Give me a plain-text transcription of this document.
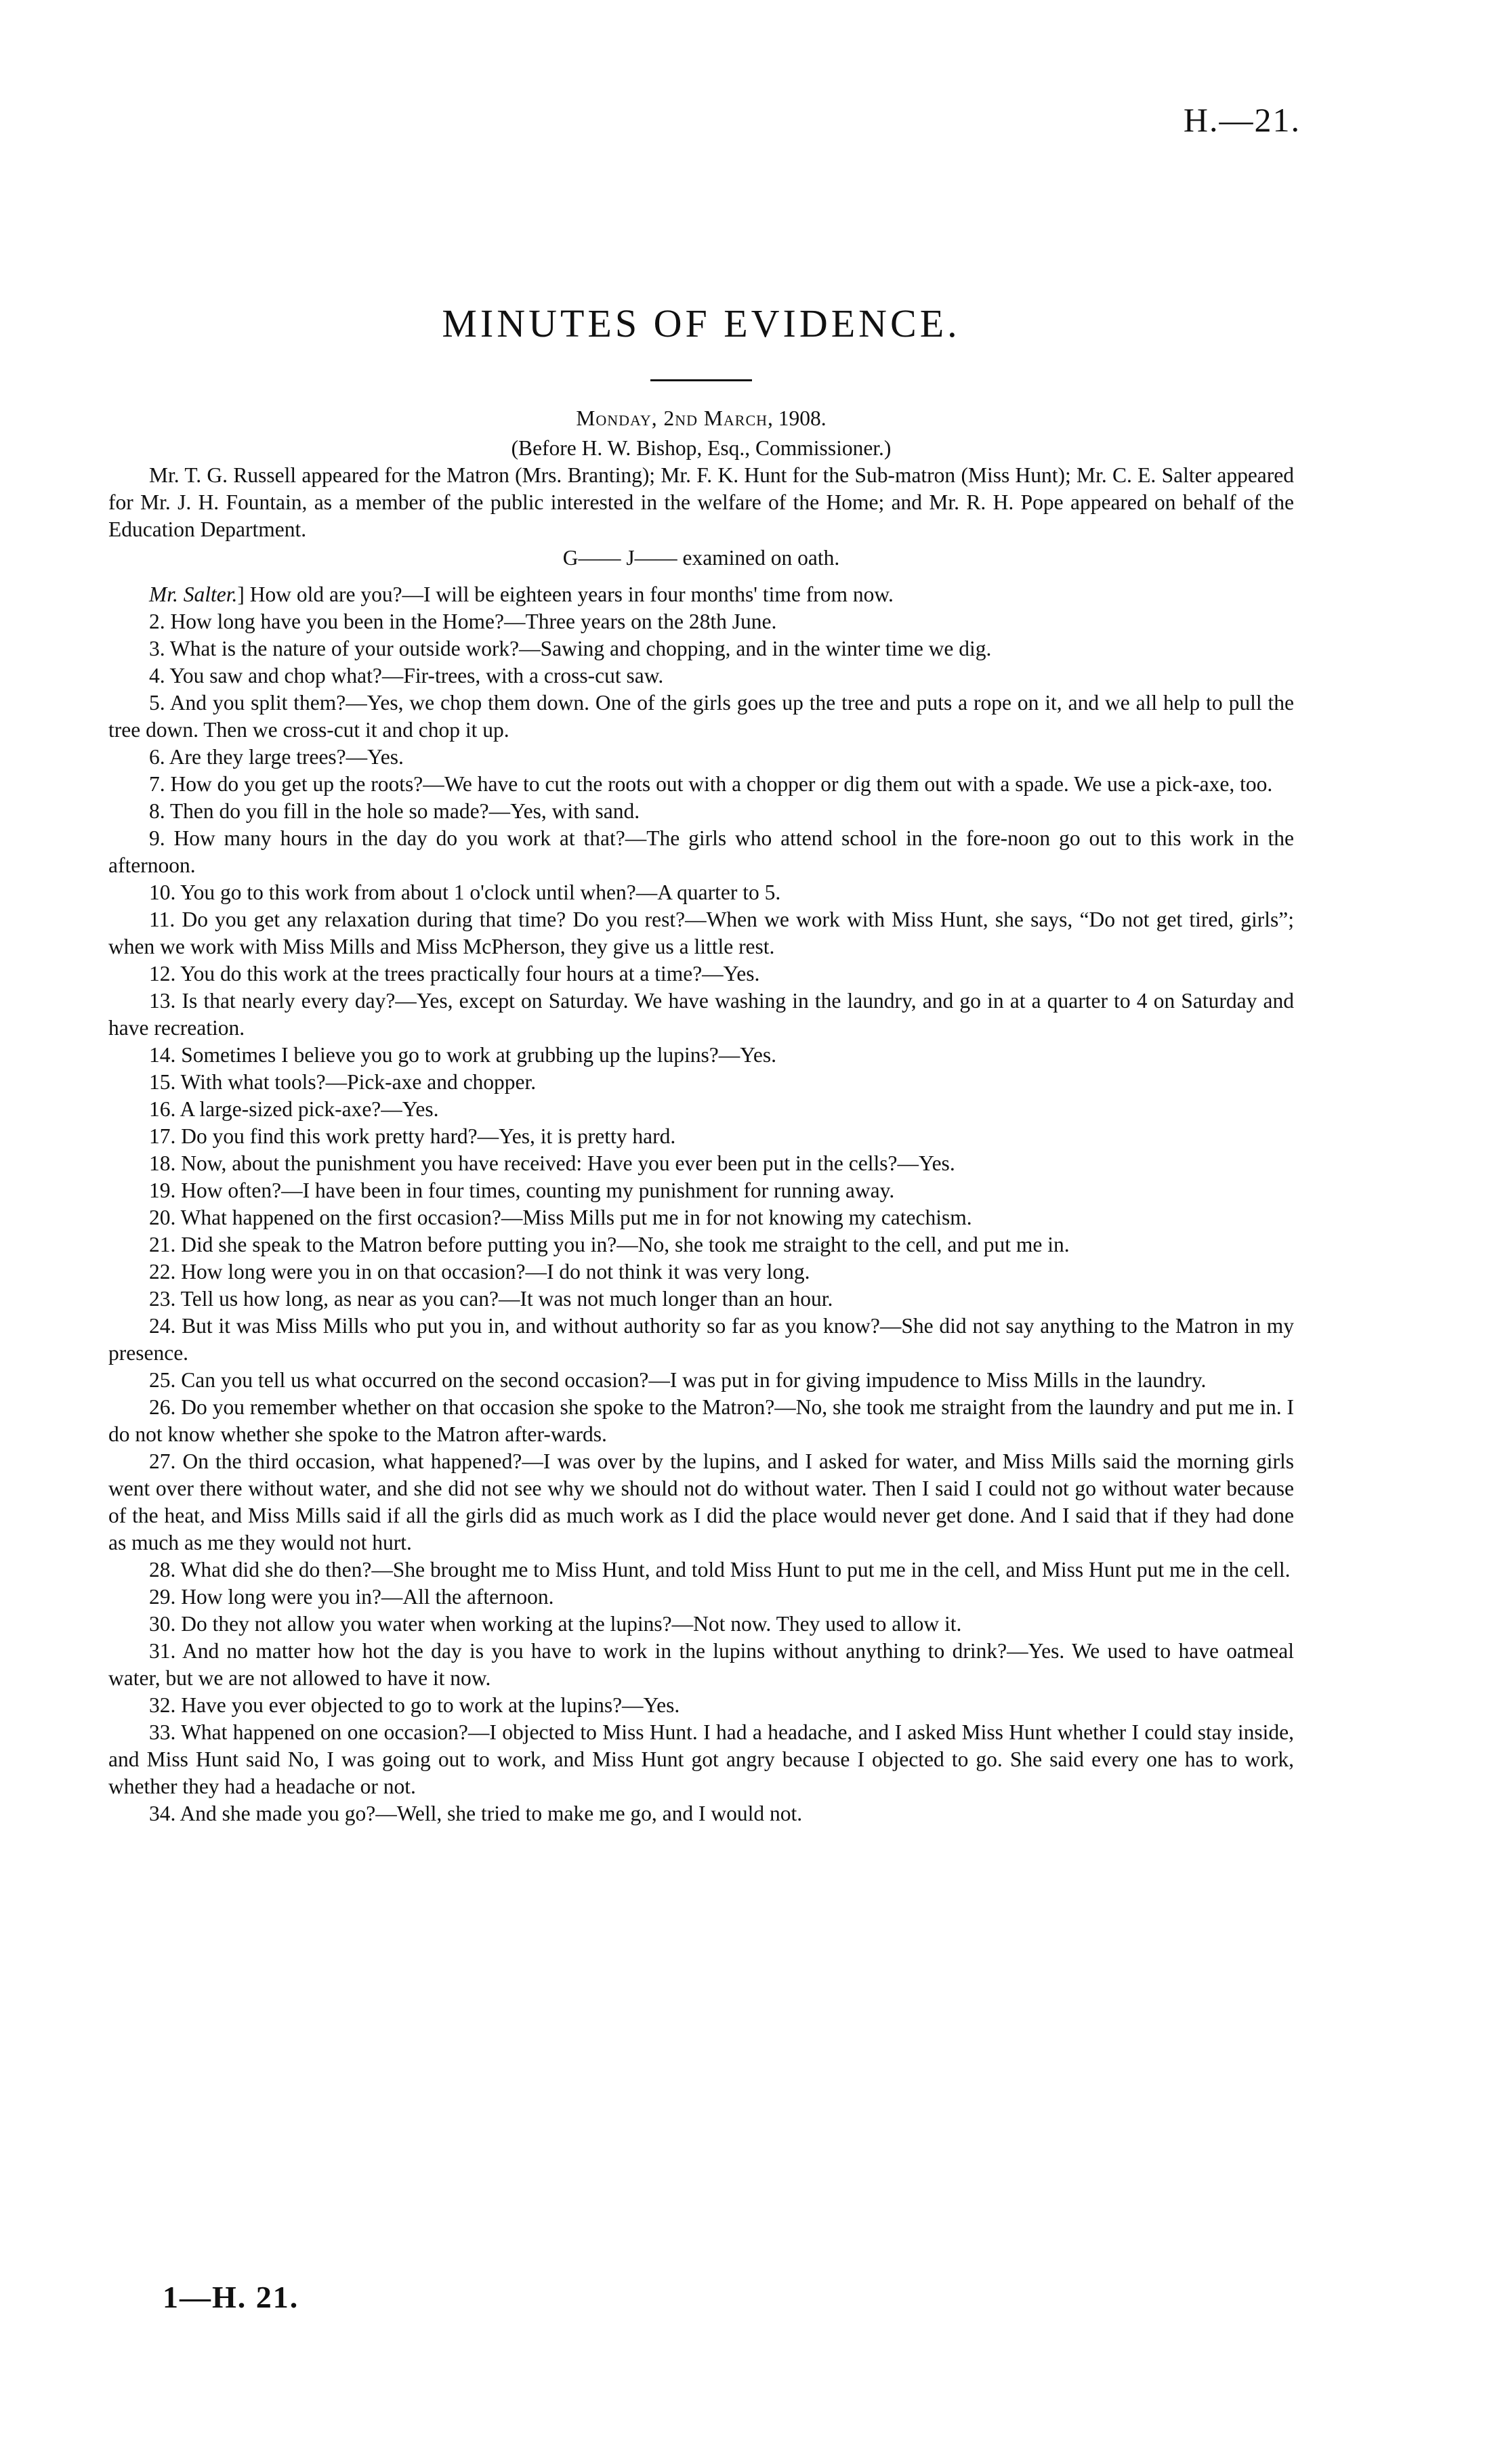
H.—21.
MINUTES OF EVIDENCE.

Monday, 2nd March, 1908.

(Before H. W. Bishop, Esq., Commissioner.)

Mr. T. G. Russell appeared for the Matron (Mrs. Branting); Mr. F. K. Hunt for the Sub-matron (Miss Hunt); Mr. C. E. Salter appeared for Mr. J. H. Fountain, as a member of the public interested in the welfare of the Home; and Mr. R. H. Pope appeared on behalf of the Education Department.

G—— J—— examined on oath.

Mr. Salter.] How old are you?—I will be eighteen years in four months' time from now.

2. How long have you been in the Home?—Three years on the 28th June.

3. What is the nature of your outside work?—Sawing and chopping, and in the winter time we dig.

4. You saw and chop what?—Fir-trees, with a cross-cut saw.

5. And you split them?—Yes, we chop them down. One of the girls goes up the tree and puts a rope on it, and we all help to pull the tree down. Then we cross-cut it and chop it up.

6. Are they large trees?—Yes.

7. How do you get up the roots?—We have to cut the roots out with a chopper or dig them out with a spade. We use a pick-axe, too.

8. Then do you fill in the hole so made?—Yes, with sand.

9. How many hours in the day do you work at that?—The girls who attend school in the fore-noon go out to this work in the afternoon.

10. You go to this work from about 1 o'clock until when?—A quarter to 5.

11. Do you get any relaxation during that time? Do you rest?—When we work with Miss Hunt, she says, “Do not get tired, girls”; when we work with Miss Mills and Miss McPherson, they give us a little rest.

12. You do this work at the trees practically four hours at a time?—Yes.

13. Is that nearly every day?—Yes, except on Saturday. We have washing in the laundry, and go in at a quarter to 4 on Saturday and have recreation.

14. Sometimes I believe you go to work at grubbing up the lupins?—Yes.

15. With what tools?—Pick-axe and chopper.

16. A large-sized pick-axe?—Yes.

17. Do you find this work pretty hard?—Yes, it is pretty hard.

18. Now, about the punishment you have received: Have you ever been put in the cells?—Yes.

19. How often?—I have been in four times, counting my punishment for running away.

20. What happened on the first occasion?—Miss Mills put me in for not knowing my catechism.

21. Did she speak to the Matron before putting you in?—No, she took me straight to the cell, and put me in.

22. How long were you in on that occasion?—I do not think it was very long.

23. Tell us how long, as near as you can?—It was not much longer than an hour.

24. But it was Miss Mills who put you in, and without authority so far as you know?—She did not say anything to the Matron in my presence.

25. Can you tell us what occurred on the second occasion?—I was put in for giving impudence to Miss Mills in the laundry.

26. Do you remember whether on that occasion she spoke to the Matron?—No, she took me straight from the laundry and put me in. I do not know whether she spoke to the Matron after-wards.

27. On the third occasion, what happened?—I was over by the lupins, and I asked for water, and Miss Mills said the morning girls went over there without water, and she did not see why we should not do without water. Then I said I could not go without water because of the heat, and Miss Mills said if all the girls did as much work as I did the place would never get done. And I said that if they had done as much as me they would not hurt.

28. What did she do then?—She brought me to Miss Hunt, and told Miss Hunt to put me in the cell, and Miss Hunt put me in the cell.

29. How long were you in?—All the afternoon.

30. Do they not allow you water when working at the lupins?—Not now. They used to allow it.

31. And no matter how hot the day is you have to work in the lupins without anything to drink?—Yes. We used to have oatmeal water, but we are not allowed to have it now.

32. Have you ever objected to go to work at the lupins?—Yes.

33. What happened on one occasion?—I objected to Miss Hunt. I had a headache, and I asked Miss Hunt whether I could stay inside, and Miss Hunt said No, I was going out to work, and Miss Hunt got angry because I objected to go. She said every one has to work, whether they had a headache or not.

34. And she made you go?—Well, she tried to make me go, and I would not.

1—H. 21.
